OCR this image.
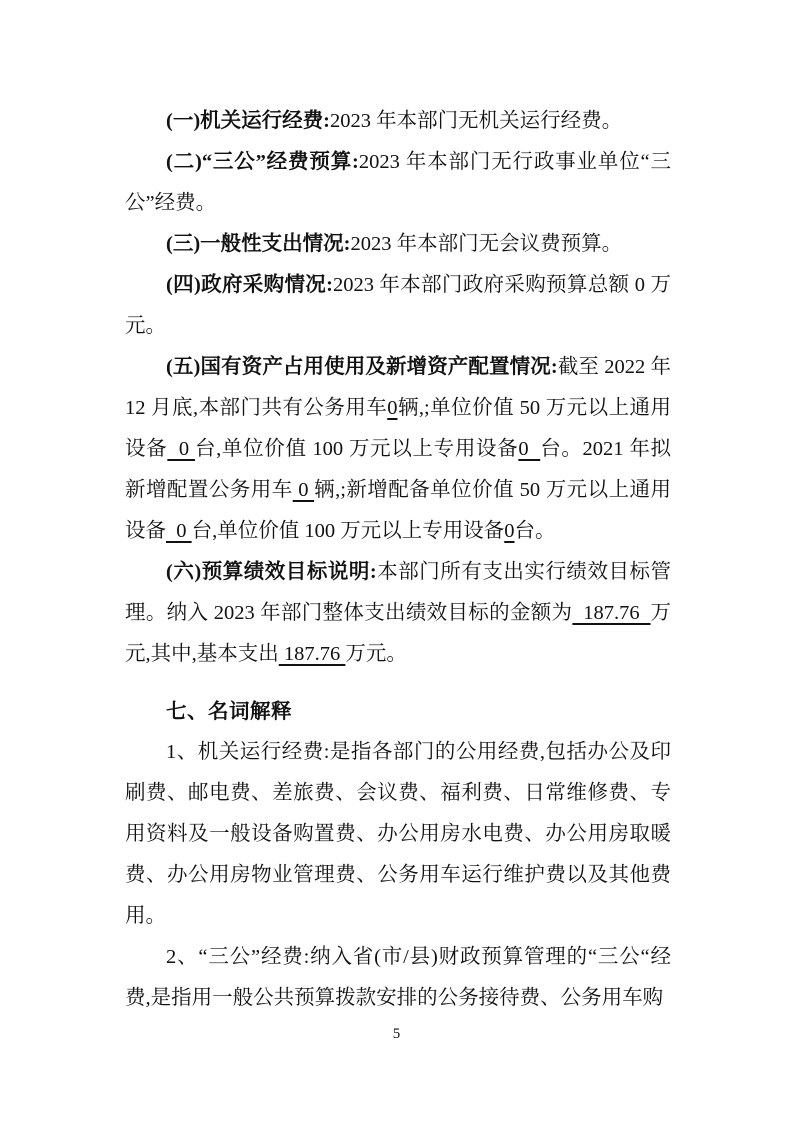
(一)机关运行经费:2023 年本部门无机关运行经费。

(二)“三公”经费预算:2023 年本部门无行政事业单位“三公”经费。

(三)一般性支出情况:2023 年本部门无会议费预算。

(四)政府采购情况:2023 年本部门政府采购预算总额 0 万元。

(五)国有资产占用使用及新增资产配置情况:截至 2022 年 12 月底,本部门共有公务用车0辆,;单位价值 50 万元以上通用设备  0 台,单位价值 100 万元以上专用设备0  台。2021 年拟新增配置公务用车 0 辆,;新增配备单位价值 50 万元以上通用设备  0 台,单位价值 100 万元以上专用设备0台。

(六)预算绩效目标说明:本部门所有支出实行绩效目标管理。纳入 2023 年部门整体支出绩效目标的金额为  187.76  万元,其中,基本支出 187.76 万元。

七、名词解释

1、机关运行经费:是指各部门的公用经费,包括办公及印刷费、邮电费、差旅费、会议费、福利费、日常维修费、专用资料及一般设备购置费、办公用房水电费、办公用房取暖费、办公用房物业管理费、公务用车运行维护费以及其他费用。

2、“三公”经费:纳入省(市/县)财政预算管理的“三公“经费,是指用一般公共预算拨款安排的公务接待费、公务用车购

5
